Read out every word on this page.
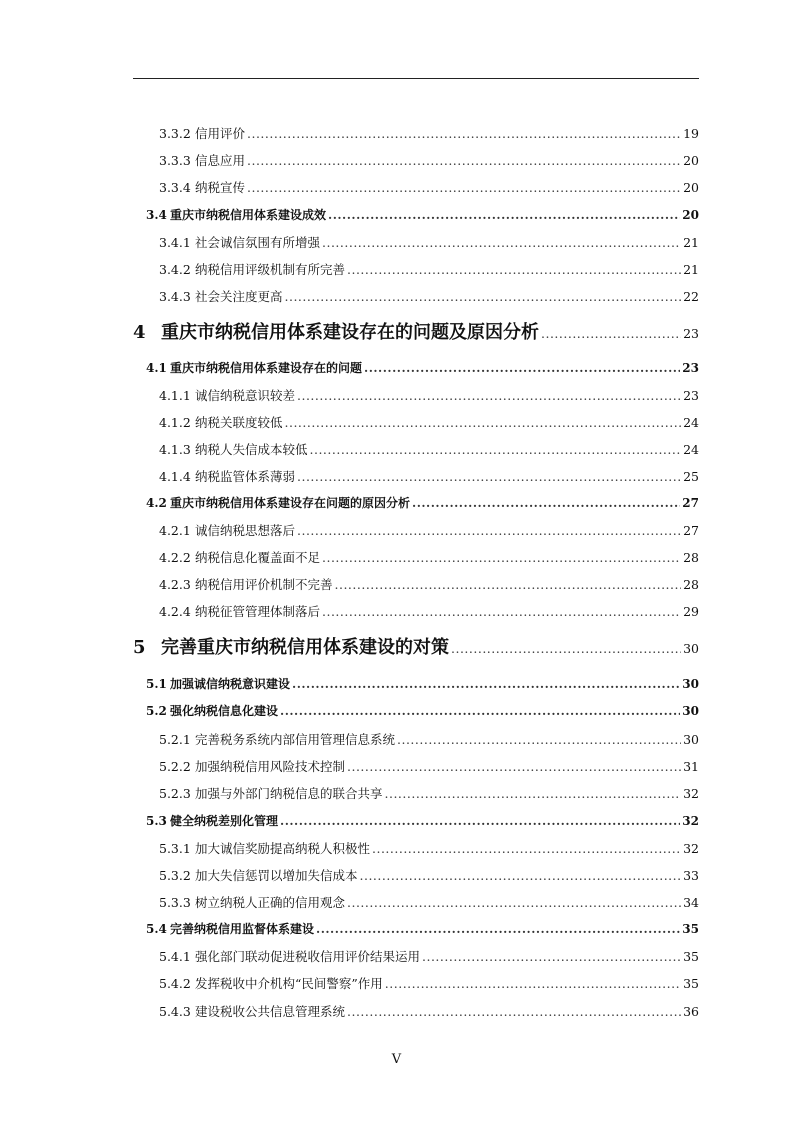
3.3.2 信用评价 .....	19
3.3.3 信息应用 .....	20
3.3.4 纳税宣传 .....	20
3.4 重庆市纳税信用体系建设成效 .....	20
3.4.1 社会诚信氛围有所增强 .....	21
3.4.2 纳税信用评级机制有所完善 .....	21
3.4.3 社会关注度更高 .....	22
4 重庆市纳税信用体系建设存在的问题及原因分析 .....	23
4.1 重庆市纳税信用体系建设存在的问题 .....	23
4.1.1 诚信纳税意识较差 .....	23
4.1.2 纳税关联度较低 .....	24
4.1.3 纳税人失信成本较低 .....	24
4.1.4 纳税监管体系薄弱 .....	25
4.2 重庆市纳税信用体系建设存在问题的原因分析 .....	27
4.2.1 诚信纳税思想落后 .....	27
4.2.2 纳税信息化覆盖面不足 .....	28
4.2.3 纳税信用评价机制不完善 .....	28
4.2.4 纳税征管管理体制落后 .....	29
5 完善重庆市纳税信用体系建设的对策 .....	30
5.1 加强诚信纳税意识建设 .....	30
5.2 强化纳税信息化建设 .....	30
5.2.1 完善税务系统内部信用管理信息系统 .....	30
5.2.2 加强纳税信用风险技术控制 .....	31
5.2.3 加强与外部门纳税信息的联合共享 .....	32
5.3 健全纳税差别化管理 .....	32
5.3.1 加大诚信奖励提高纳税人积极性 .....	32
5.3.2 加大失信惩罚以增加失信成本 .....	33
5.3.3 树立纳税人正确的信用观念 .....	34
5.4 完善纳税信用监督体系建设 .....	35
5.4.1 强化部门联动促进税收信用评价结果运用 .....	35
5.4.2 发挥税收中介机构“民间警察”作用 .....	35
5.4.3 建设税收公共信息管理系统 .....	36
V
